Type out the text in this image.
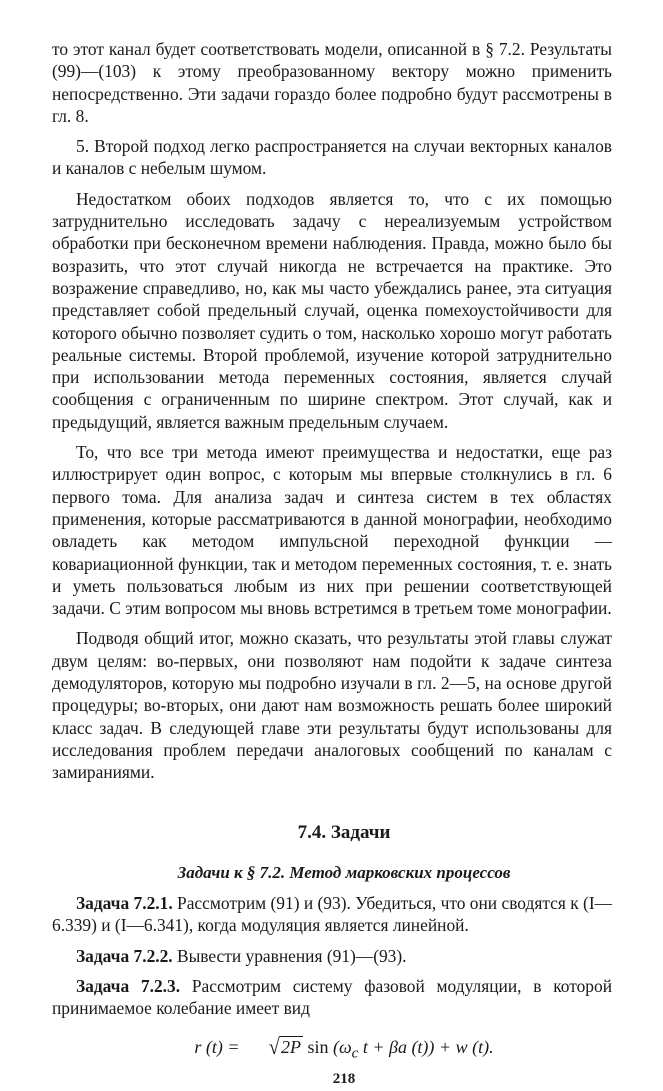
то этот канал будет соответствовать модели, описанной в § 7.2. Результаты (99)—(103) к этому преобразованному вектору можно применить непосредственно. Эти задачи гораздо более подробно будут рассмотрены в гл. 8.

5. Второй подход легко распространяется на случаи векторных каналов и каналов с небелым шумом.

Недостатком обоих подходов является то, что с их помощью затруднительно исследовать задачу с нереализуемым устройством обработки при бесконечном времени наблюдения. Правда, можно было бы возразить, что этот случай никогда не встречается на практике. Это возражение справедливо, но, как мы часто убеждались ранее, эта ситуация представляет собой предельный случай, оценка помехоустойчивости для которого обычно позволяет судить о том, насколько хорошо могут работать реальные системы. Второй проблемой, изучение которой затруднительно при использовании метода переменных состояния, является случай сообщения с ограниченным по ширине спектром. Этот случай, как и предыдущий, является важным предельным случаем.

То, что все три метода имеют преимущества и недостатки, еще раз иллюстрирует один вопрос, с которым мы впервые столкнулись в гл. 6 первого тома. Для анализа задач и синтеза систем в тех областях применения, которые рассматриваются в данной монографии, необходимо овладеть как методом импульсной переходной функции — ковариационной функции, так и методом переменных состояния, т. е. знать и уметь пользоваться любым из них при решении соответствующей задачи. С этим вопросом мы вновь встретимся в третьем томе монографии.

Подводя общий итог, можно сказать, что результаты этой главы служат двум целям: во-первых, они позволяют нам подойти к задаче синтеза демодуляторов, которую мы подробно изучали в гл. 2—5, на основе другой процедуры; во-вторых, они дают нам возможность решать более широкий класс задач. В следующей главе эти результаты будут использованы для исследования проблем передачи аналоговых сообщений по каналам с замираниями.

7.4. Задачи

Задачи к § 7.2. Метод марковских процессов

Задача 7.2.1. Рассмотрим (91) и (93). Убедиться, что они сводятся к (I—6.339) и (I—6.341), когда модуляция является линейной.

Задача 7.2.2. Вывести уравнения (91)—(93).

Задача 7.2.3. Рассмотрим систему фазовой модуляции, в которой принимаемое колебание имеет вид

r (t) = √2P $\sin (\omega_c$ t + βa (t)) + w (t).

218
